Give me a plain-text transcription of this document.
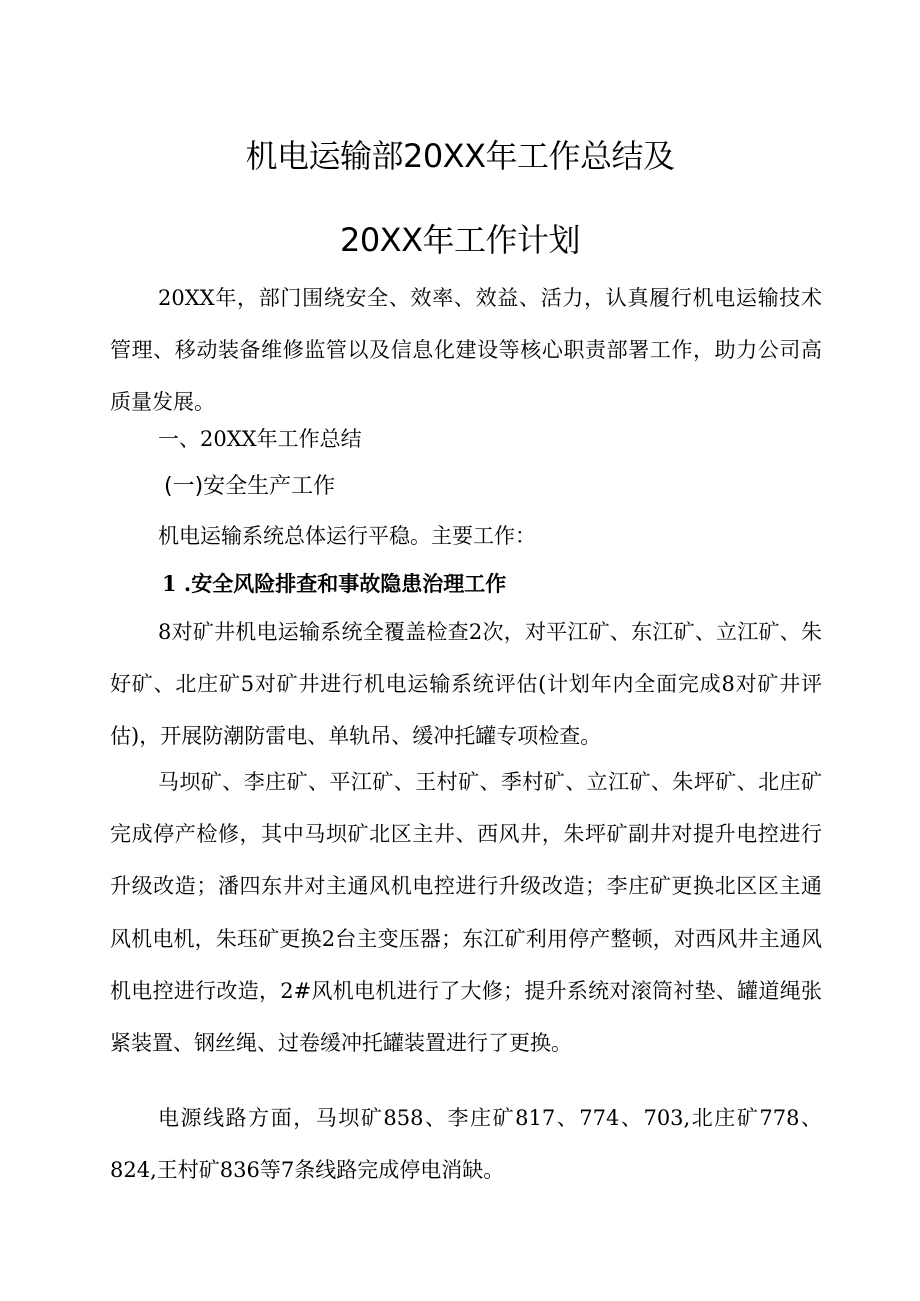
机电运输部20XX年工作总结及
20XX年工作计划

20XX年，部门围绕安全、效率、效益、活力，认真履行机电运输技术管理、移动装备维修监管以及信息化建设等核心职责部署工作，助力公司高质量发展。

一、20XX年工作总结

(一)安全生产工作

机电运输系统总体运行平稳。主要工作：

1 .安全风险排查和事故隐患治理工作

8对矿井机电运输系统全覆盖检查2次，对平江矿、东江矿、立江矿、朱好矿、北庄矿5对矿井进行机电运输系统评估(计划年内全面完成8对矿井评估)，开展防潮防雷电、单轨吊、缓冲托罐专项检查。

马坝矿、李庄矿、平江矿、王村矿、季村矿、立江矿、朱坪矿、北庄矿完成停产检修，其中马坝矿北区主井、西风井，朱坪矿副井对提升电控进行升级改造；潘四东井对主通风机电控进行升级改造；李庄矿更换北区区主通风机电机，朱珏矿更换2台主变压器；东江矿利用停产整顿，对西风井主通风机电控进行改造，2#风机电机进行了大修；提升系统对滚筒衬垫、罐道绳张紧装置、钢丝绳、过卷缓冲托罐装置进行了更换。

电源线路方面，马坝矿858、李庄矿817、774、703,北庄矿778、824,王村矿836等7条线路完成停电消缺。
